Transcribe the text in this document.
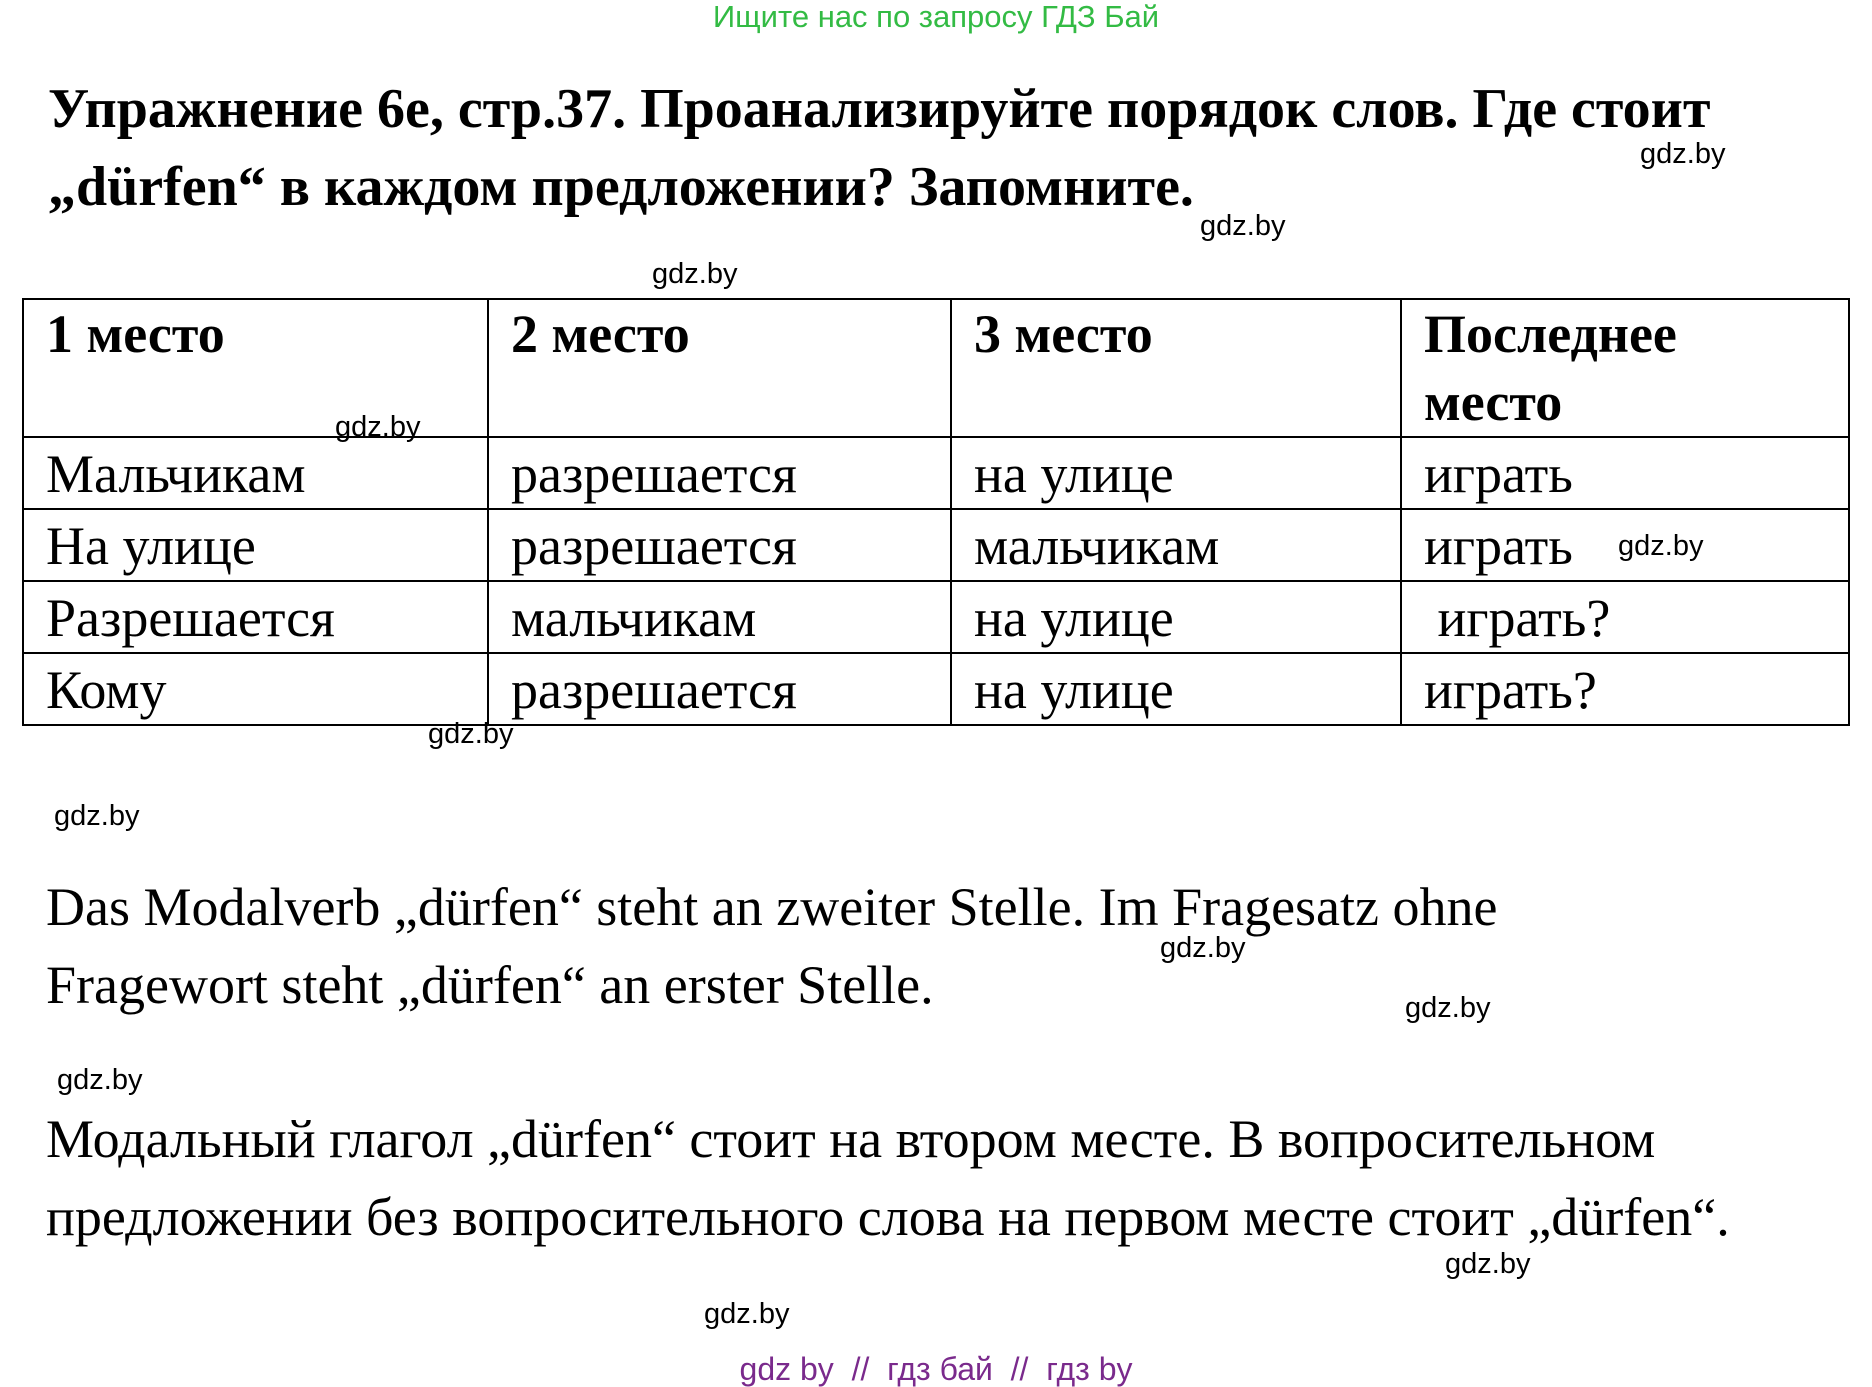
Ищите нас по запросу ГДЗ Бай
Упражнение 6е, стр.37. Проанализируйте порядок слов. Где стоит „dürfen“ в каждом предложении? Запомните.
1 место	2 место	3 место	Последнее место
Мальчикам	разрешается	на улице	играть
На улице	разрешается	мальчикам	играть
Разрешается	мальчикам	на улице	играть?
Кому	разрешается	на улице	играть?
Das Modalverb „dürfen“ steht an zweiter Stelle. Im Fragesatz ohne Fragewort steht „dürfen“ an erster Stelle.
Модальный глагол „dürfen“ стоит на втором месте. В вопросительном предложении без вопросительного слова на первом месте стоит „dürfen“.
gdz.by
gdz.by
gdz.by
gdz.by
gdz.by
gdz.by
gdz.by
gdz.by
gdz.by
gdz.by
gdz.by
gdz.by
gdz by  //  гдз бай  //  гдз by
